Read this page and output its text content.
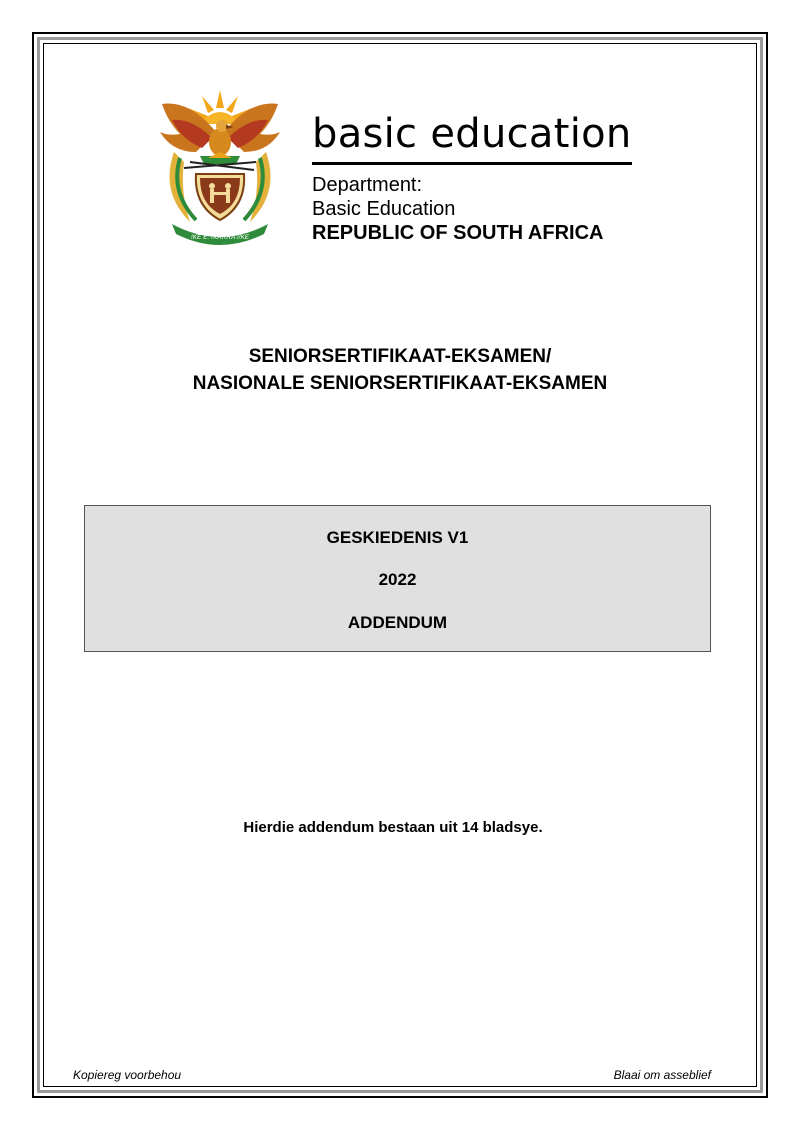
!KE E: /XARRA //KE
basic education

Department:

Basic Education

REPUBLIC OF SOUTH AFRICA

SENIORSERTIFIKAAT-EKSAMEN/
NASIONALE SENIORSERTIFIKAAT-EKSAMEN
GESKIEDENIS V1
2022
ADDENDUM
Hierdie addendum bestaan uit 14 bladsye.
Kopiereg voorbehou	Blaai om asseblief
